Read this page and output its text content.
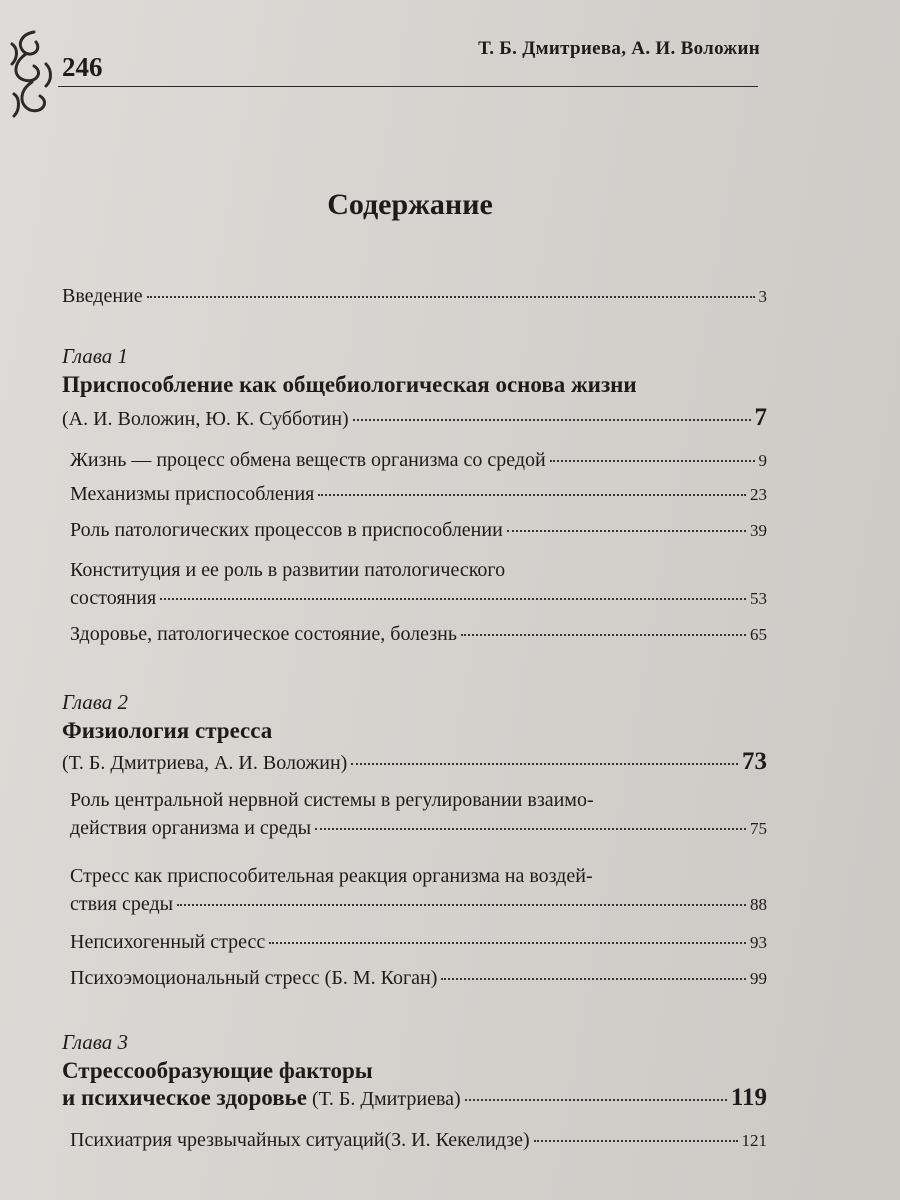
246
Т. Б. Дмитриева, А. И. Воложин
Содержание
Введение	3
Глава 1
Приспособление как общебиологическая основа жизни
(А. И. Воложин, Ю. К. Субботин)	7
Жизнь — процесс обмена веществ организма со средой	9
Механизмы приспособления	23
Роль патологических процессов в приспособлении	39
Конституция и ее роль в развитии патологического
состояния	53
Здоровье, патологическое состояние, болезнь	65
Глава 2
Физиология стресса
(Т. Б. Дмитриева, А. И. Воложин)	73
Роль центральной нервной системы в регулировании взаимо-
действия организма и среды	75
Стресс как приспособительная реакция организма на воздей-
ствия среды	88
Непсихогенный стресс	93
Психоэмоциональный стресс (Б. М. Коган)	99
Глава 3
Стрессообразующие факторы
и психическое здоровье (Т. Б. Дмитриева)	119
Психиатрия чрезвычайных ситуаций(З. И. Кекелидзе)	121
